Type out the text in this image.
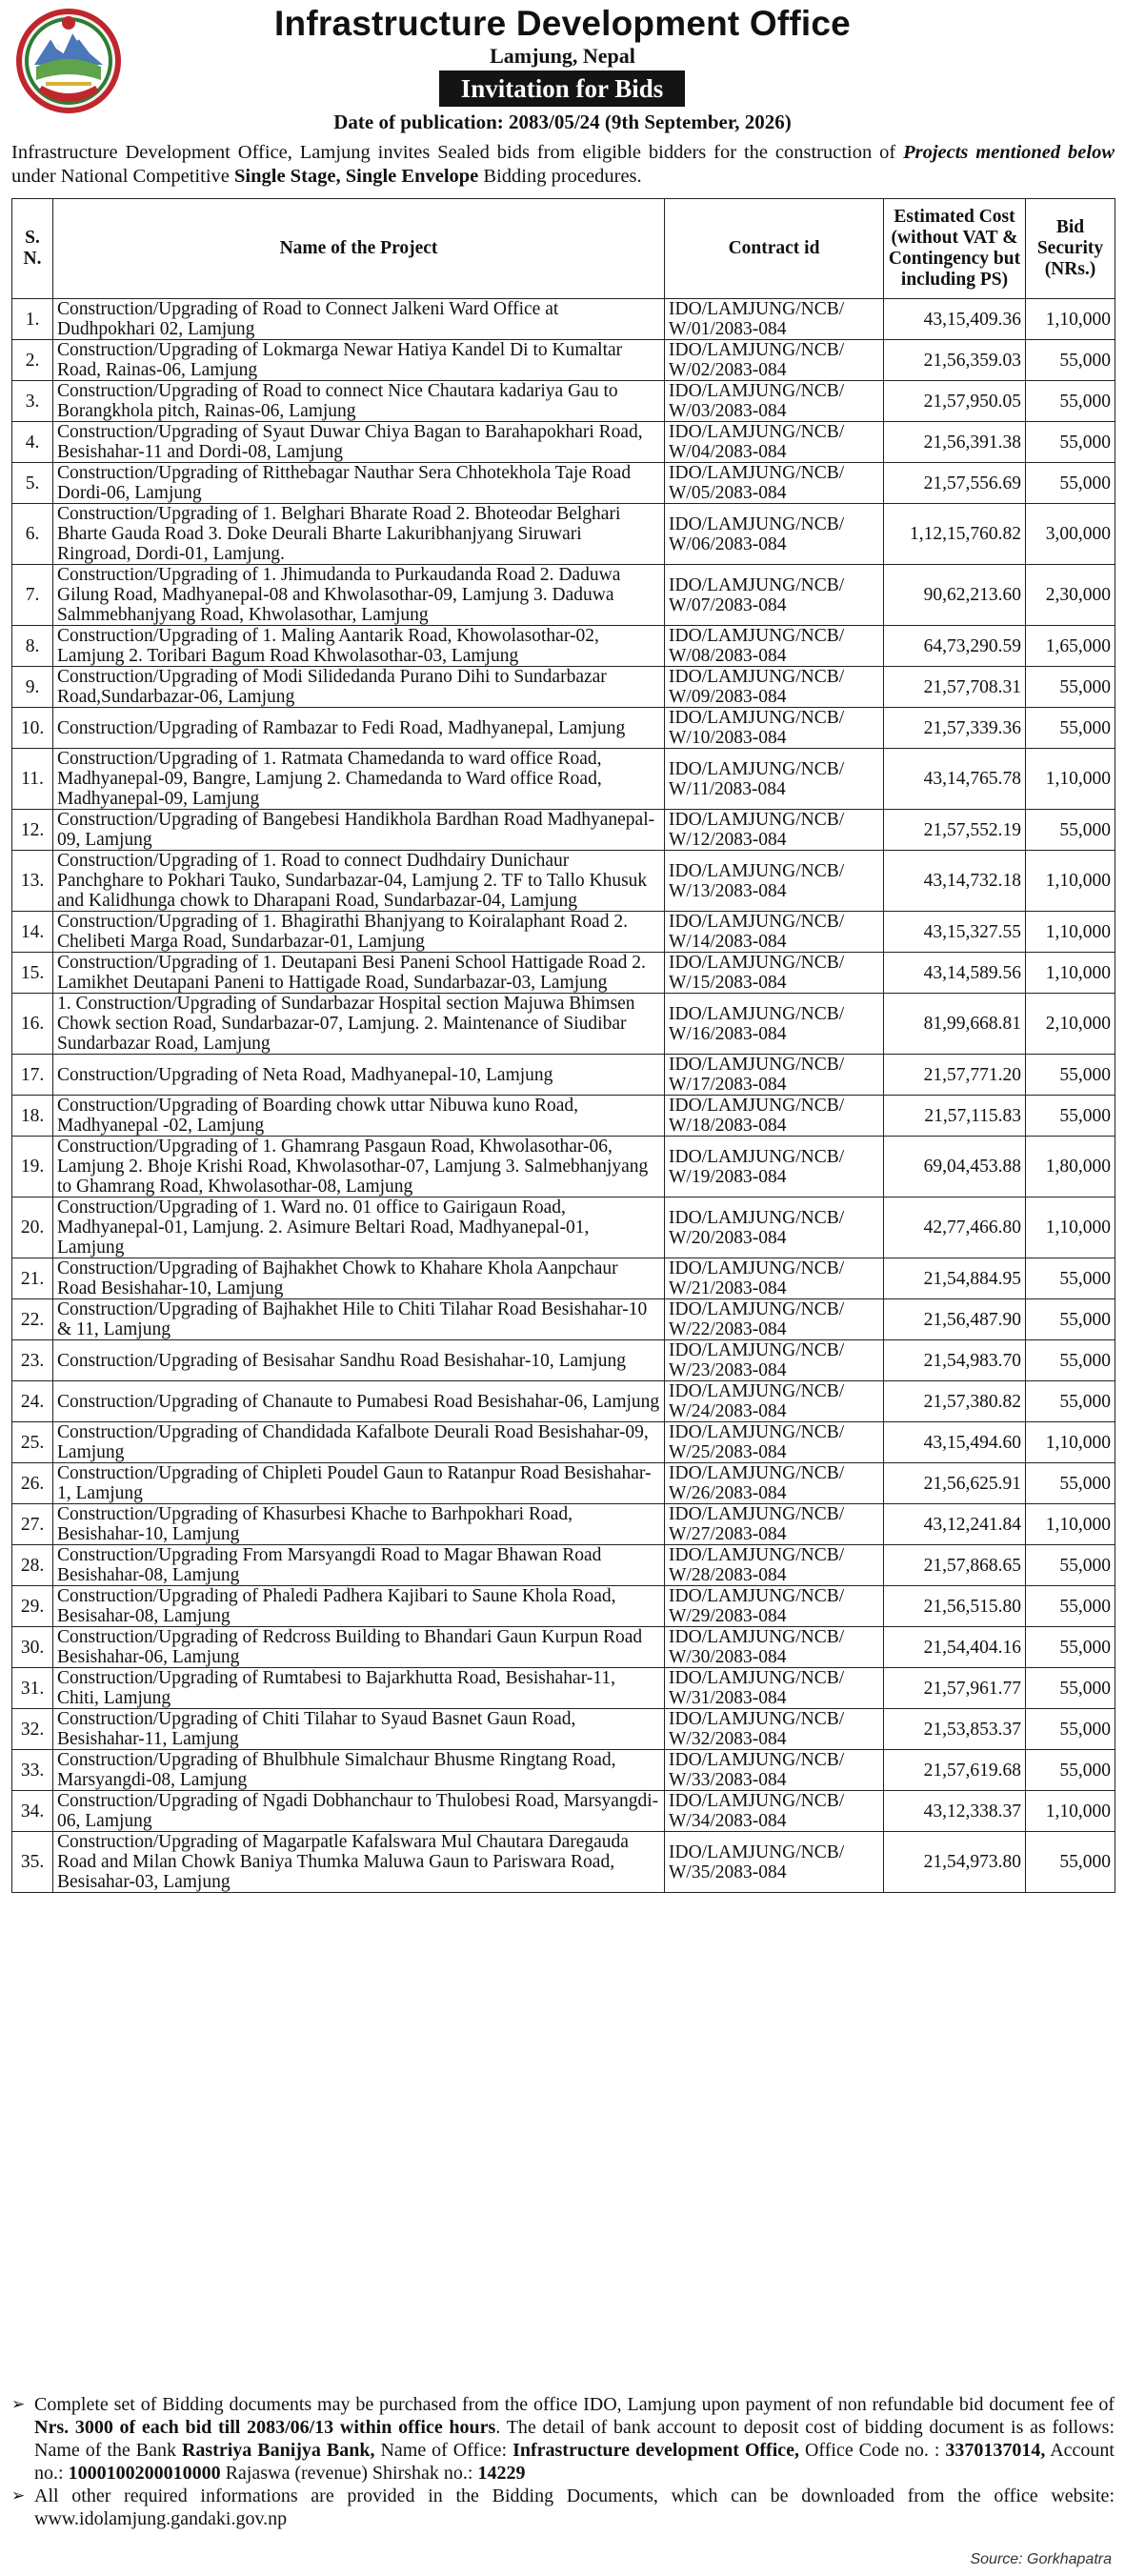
Infrastructure Development Office
Lamjung, Nepal
Invitation for Bids
Date of publication: 2083/05/24 (9th September, 2026)
Infrastructure Development Office, Lamjung invites Sealed bids from eligible bidders for the construction of Projects mentioned below under National Competitive Single Stage, Single Envelope Bidding procedures.
S. N.	Name of the Project	Contract id	Estimated Cost (without VAT & Contingency but including PS)	Bid Security (NRs.)
1.	Construction/Upgrading of Road to Connect Jalkeni Ward Office at Dudhpokhari 02, Lamjung	IDO/LAMJUNG/NCB/ W/01/2083-084	43,15,409.36	1,10,000
2.	Construction/Upgrading of Lokmarga Newar Hatiya Kandel Di to Kumaltar Road, Rainas-06, Lamjung	IDO/LAMJUNG/NCB/ W/02/2083-084	21,56,359.03	55,000
3.	Construction/Upgrading of Road to connect Nice Chautara kadariya Gau to Borangkhola pitch, Rainas-06, Lamjung	IDO/LAMJUNG/NCB/ W/03/2083-084	21,57,950.05	55,000
4.	Construction/Upgrading of Syaut Duwar Chiya Bagan to Barahapokhari Road, Besishahar-11 and Dordi-08, Lamjung	IDO/LAMJUNG/NCB/ W/04/2083-084	21,56,391.38	55,000
5.	Construction/Upgrading of Ritthebagar Nauthar Sera Chhotekhola Taje Road Dordi-06, Lamjung	IDO/LAMJUNG/NCB/ W/05/2083-084	21,57,556.69	55,000
6.	Construction/Upgrading of 1. Belghari Bharate Road 2. Bhoteodar Belghari Bharte Gauda Road 3. Doke Deurali Bharte Lakuribhanjyang Siruwari Ringroad, Dordi-01, Lamjung.	IDO/LAMJUNG/NCB/ W/06/2083-084	1,12,15,760.82	3,00,000
7.	Construction/Upgrading of 1. Jhimudanda to Purkaudanda Road 2. Daduwa Gilung Road, Madhyanepal-08 and Khwolasothar-09, Lamjung 3. Daduwa Salmmebhanjyang Road, Khwolasothar, Lamjung	IDO/LAMJUNG/NCB/ W/07/2083-084	90,62,213.60	2,30,000
8.	Construction/Upgrading of 1. Maling Aantarik Road, Khowolasothar-02, Lamjung 2. Toribari Bagum Road Khwolasothar-03, Lamjung	IDO/LAMJUNG/NCB/ W/08/2083-084	64,73,290.59	1,65,000
9.	Construction/Upgrading of Modi Silidedanda Purano Dihi to Sundarbazar Road,Sundarbazar-06, Lamjung	IDO/LAMJUNG/NCB/ W/09/2083-084	21,57,708.31	55,000
10.	Construction/Upgrading of Rambazar to Fedi Road, Madhyanepal, Lamjung	IDO/LAMJUNG/NCB/ W/10/2083-084	21,57,339.36	55,000
11.	Construction/Upgrading of 1. Ratmata Chamedanda to ward office Road, Madhyanepal-09, Bangre, Lamjung 2. Chamedanda to Ward office Road, Madhyanepal-09, Lamjung	IDO/LAMJUNG/NCB/ W/11/2083-084	43,14,765.78	1,10,000
12.	Construction/Upgrading of Bangebesi Handikhola Bardhan Road Madhyanepal-09, Lamjung	IDO/LAMJUNG/NCB/ W/12/2083-084	21,57,552.19	55,000
13.	Construction/Upgrading of 1. Road to connect Dudhdairy Dunichaur Panchghare to Pokhari Tauko, Sundarbazar-04, Lamjung 2. TF to Tallo Khusuk and Kalidhunga chowk to Dharapani Road, Sundarbazar-04, Lamjung	IDO/LAMJUNG/NCB/ W/13/2083-084	43,14,732.18	1,10,000
14.	Construction/Upgrading of 1. Bhagirathi Bhanjyang to Koiralaphant Road 2. Chelibeti Marga Road, Sundarbazar-01, Lamjung	IDO/LAMJUNG/NCB/ W/14/2083-084	43,15,327.55	1,10,000
15.	Construction/Upgrading of 1. Deutapani Besi Paneni School Hattigade Road 2. Lamikhet Deutapani Paneni to Hattigade Road, Sundarbazar-03, Lamjung	IDO/LAMJUNG/NCB/ W/15/2083-084	43,14,589.56	1,10,000
16.	1. Construction/Upgrading of Sundarbazar Hospital section Majuwa Bhimsen Chowk section Road, Sundarbazar-07, Lamjung. 2. Maintenance of Siudibar Sundarbazar Road, Lamjung	IDO/LAMJUNG/NCB/ W/16/2083-084	81,99,668.81	2,10,000
17.	Construction/Upgrading of Neta Road, Madhyanepal-10, Lamjung	IDO/LAMJUNG/NCB/ W/17/2083-084	21,57,771.20	55,000
18.	Construction/Upgrading of Boarding chowk uttar Nibuwa kuno Road, Madhyanepal -02, Lamjung	IDO/LAMJUNG/NCB/ W/18/2083-084	21,57,115.83	55,000
19.	Construction/Upgrading of 1. Ghamrang Pasgaun Road, Khwolasothar-06, Lamjung 2. Bhoje Krishi Road, Khwolasothar-07, Lamjung 3. Salmebhanjyang to Ghamrang Road, Khwolasothar-08, Lamjung	IDO/LAMJUNG/NCB/ W/19/2083-084	69,04,453.88	1,80,000
20.	Construction/Upgrading of 1. Ward no. 01 office to Gairigaun Road, Madhyanepal-01, Lamjung. 2. Asimure Beltari Road, Madhyanepal-01, Lamjung	IDO/LAMJUNG/NCB/ W/20/2083-084	42,77,466.80	1,10,000
21.	Construction/Upgrading of Bajhakhet Chowk to Khahare Khola Aanpchaur Road Besishahar-10, Lamjung	IDO/LAMJUNG/NCB/ W/21/2083-084	21,54,884.95	55,000
22.	Construction/Upgrading of Bajhakhet Hile to Chiti Tilahar Road Besishahar-10 & 11, Lamjung	IDO/LAMJUNG/NCB/ W/22/2083-084	21,56,487.90	55,000
23.	Construction/Upgrading of Besisahar Sandhu Road Besishahar-10, Lamjung	IDO/LAMJUNG/NCB/ W/23/2083-084	21,54,983.70	55,000
24.	Construction/Upgrading of Chanaute to Pumabesi Road Besishahar-06, Lamjung	IDO/LAMJUNG/NCB/ W/24/2083-084	21,57,380.82	55,000
25.	Construction/Upgrading of Chandidada Kafalbote Deurali Road Besishahar-09, Lamjung	IDO/LAMJUNG/NCB/ W/25/2083-084	43,15,494.60	1,10,000
26.	Construction/Upgrading of Chipleti Poudel Gaun to Ratanpur Road Besishahar-1, Lamjung	IDO/LAMJUNG/NCB/ W/26/2083-084	21,56,625.91	55,000
27.	Construction/Upgrading of Khasurbesi Khache to Barhpokhari Road, Besishahar-10, Lamjung	IDO/LAMJUNG/NCB/ W/27/2083-084	43,12,241.84	1,10,000
28.	Construction/Upgrading From Marsyangdi Road to Magar Bhawan Road Besishahar-08, Lamjung	IDO/LAMJUNG/NCB/ W/28/2083-084	21,57,868.65	55,000
29.	Construction/Upgrading of Phaledi Padhera Kajibari to Saune Khola Road, Besisahar-08, Lamjung	IDO/LAMJUNG/NCB/ W/29/2083-084	21,56,515.80	55,000
30.	Construction/Upgrading of Redcross Building to Bhandari Gaun Kurpun Road Besishahar-06, Lamjung	IDO/LAMJUNG/NCB/ W/30/2083-084	21,54,404.16	55,000
31.	Construction/Upgrading of Rumtabesi to Bajarkhutta Road, Besishahar-11, Chiti, Lamjung	IDO/LAMJUNG/NCB/ W/31/2083-084	21,57,961.77	55,000
32.	Construction/Upgrading of Chiti Tilahar to Syaud Basnet Gaun Road, Besishahar-11, Lamjung	IDO/LAMJUNG/NCB/ W/32/2083-084	21,53,853.37	55,000
33.	Construction/Upgrading of Bhulbhule Simalchaur Bhusme Ringtang Road, Marsyangdi-08, Lamjung	IDO/LAMJUNG/NCB/ W/33/2083-084	21,57,619.68	55,000
34.	Construction/Upgrading of Ngadi Dobhanchaur to Thulobesi Road, Marsyangdi-06, Lamjung	IDO/LAMJUNG/NCB/ W/34/2083-084	43,12,338.37	1,10,000
35.	Construction/Upgrading of Magarpatle Kafalswara Mul Chautara Daregauda Road and Milan Chowk Baniya Thumka Maluwa Gaun to Pariswara Road, Besisahar-03, Lamjung	IDO/LAMJUNG/NCB/ W/35/2083-084	21,54,973.80	55,000
➢ Complete set of Bidding documents may be purchased from the office IDO, Lamjung upon payment of non refundable bid document fee of Nrs. 3000 of each bid till 2083/06/13 within office hours. The detail of bank account to deposit cost of bidding document is as follows: Name of the Bank Rastriya Banijya Bank, Name of Office: Infrastructure development Office, Office Code no. : 3370137014, Account no.: 1000100200010000 Rajaswa (revenue) Shirshak no.: 14229
➢ All other required informations are provided in the Bidding Documents, which can be downloaded from the office website: www.idolamjung.gandaki.gov.np
Source: Gorkhapatra
